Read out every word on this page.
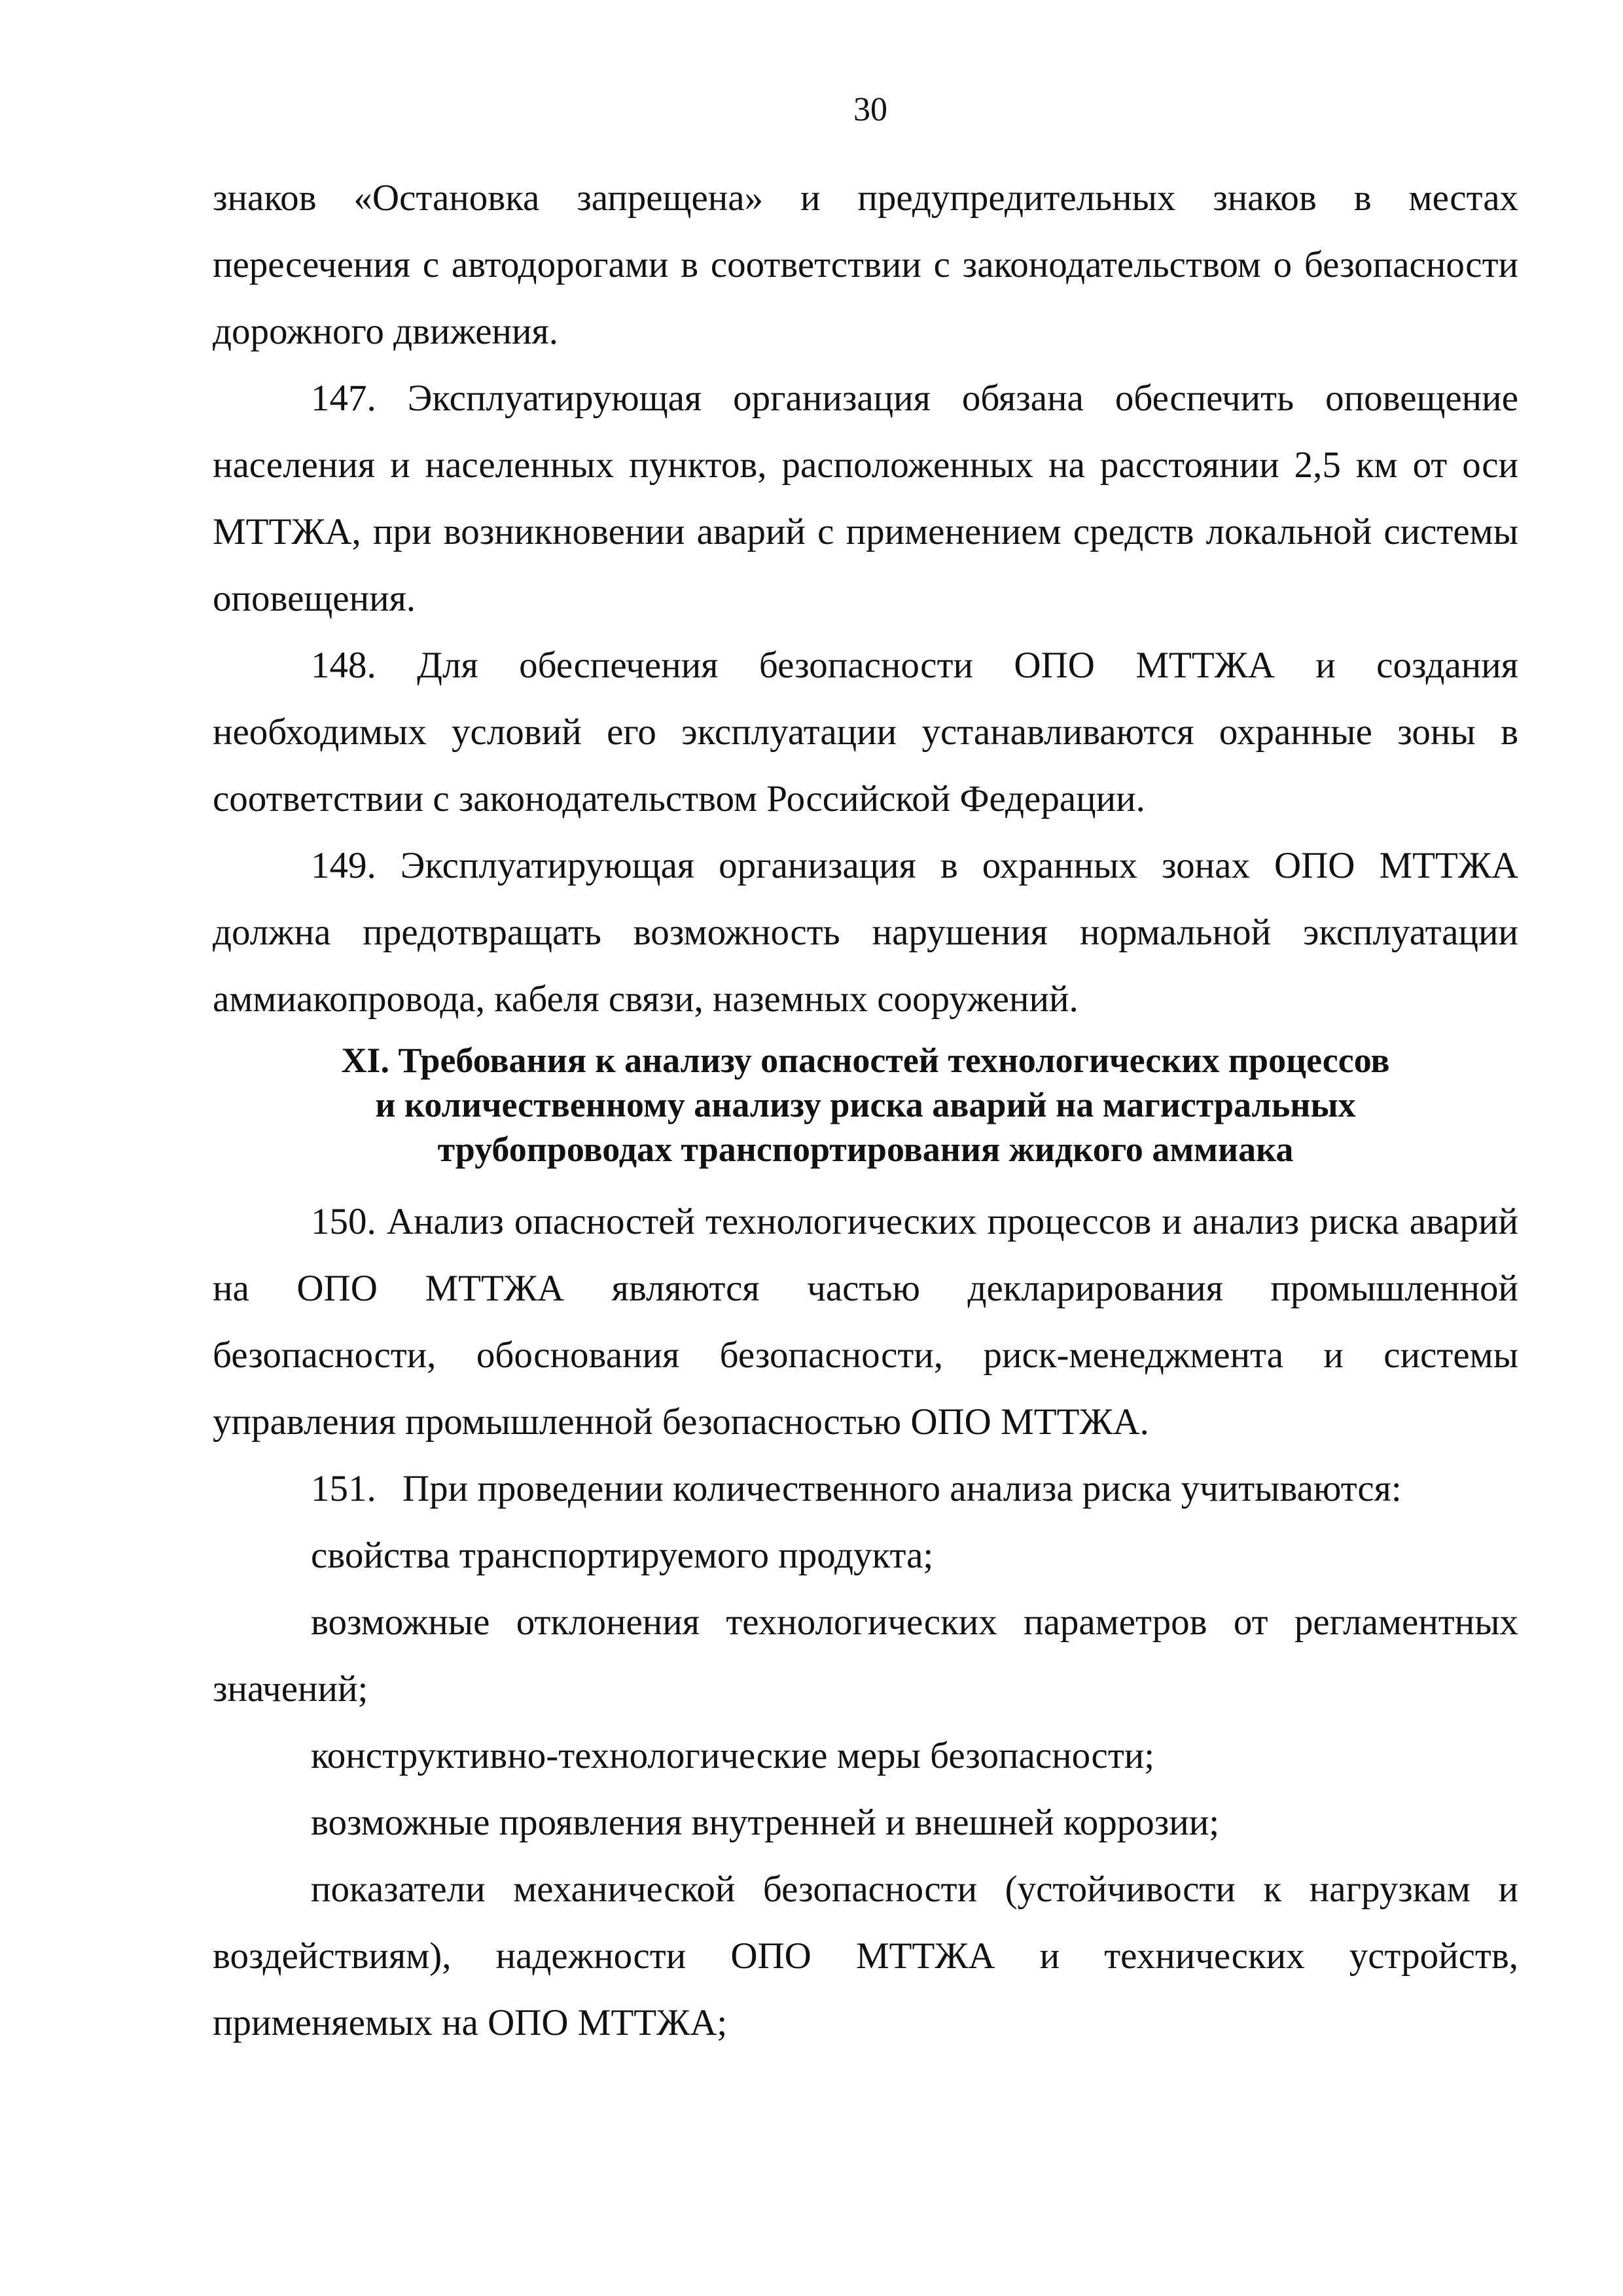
30

знаков «Остановка запрещена» и предупредительных знаков в местах пересечения с автодорогами в соответствии с законодательством о безопасности дорожного движения.

147. Эксплуатирующая организация обязана обеспечить оповещение населения и населенных пунктов, расположенных на расстоянии 2,5 км от оси МТТЖА, при возникновении аварий с применением средств локальной системы оповещения.

148. Для обеспечения безопасности ОПО МТТЖА и создания необходимых условий его эксплуатации устанавливаются охранные зоны в соответствии с законодательством Российской Федерации.

149. Эксплуатирующая организация в охранных зонах ОПО МТТЖА должна предотвращать возможность нарушения нормальной эксплуатации аммиакопровода, кабеля связи, наземных сооружений.

XI. Требования к анализу опасностей технологических процессов
и количественному анализу риска аварий на магистральных
трубопроводах транспортирования жидкого аммиака

150. Анализ опасностей технологических процессов и анализ риска аварий на ОПО МТТЖА являются частью декларирования промышленной безопасности, обоснования безопасности, риск-менеджмента и системы управления промышленной безопасностью ОПО МТТЖА.

151. При проведении количественного анализа риска учитываются:

свойства транспортируемого продукта;

возможные отклонения технологических параметров от регламентных значений;

конструктивно-технологические меры безопасности;

возможные проявления внутренней и внешней коррозии;

показатели механической безопасности (устойчивости к нагрузкам и воздействиям), надежности ОПО МТТЖА и технических устройств, применяемых на ОПО МТТЖА;
